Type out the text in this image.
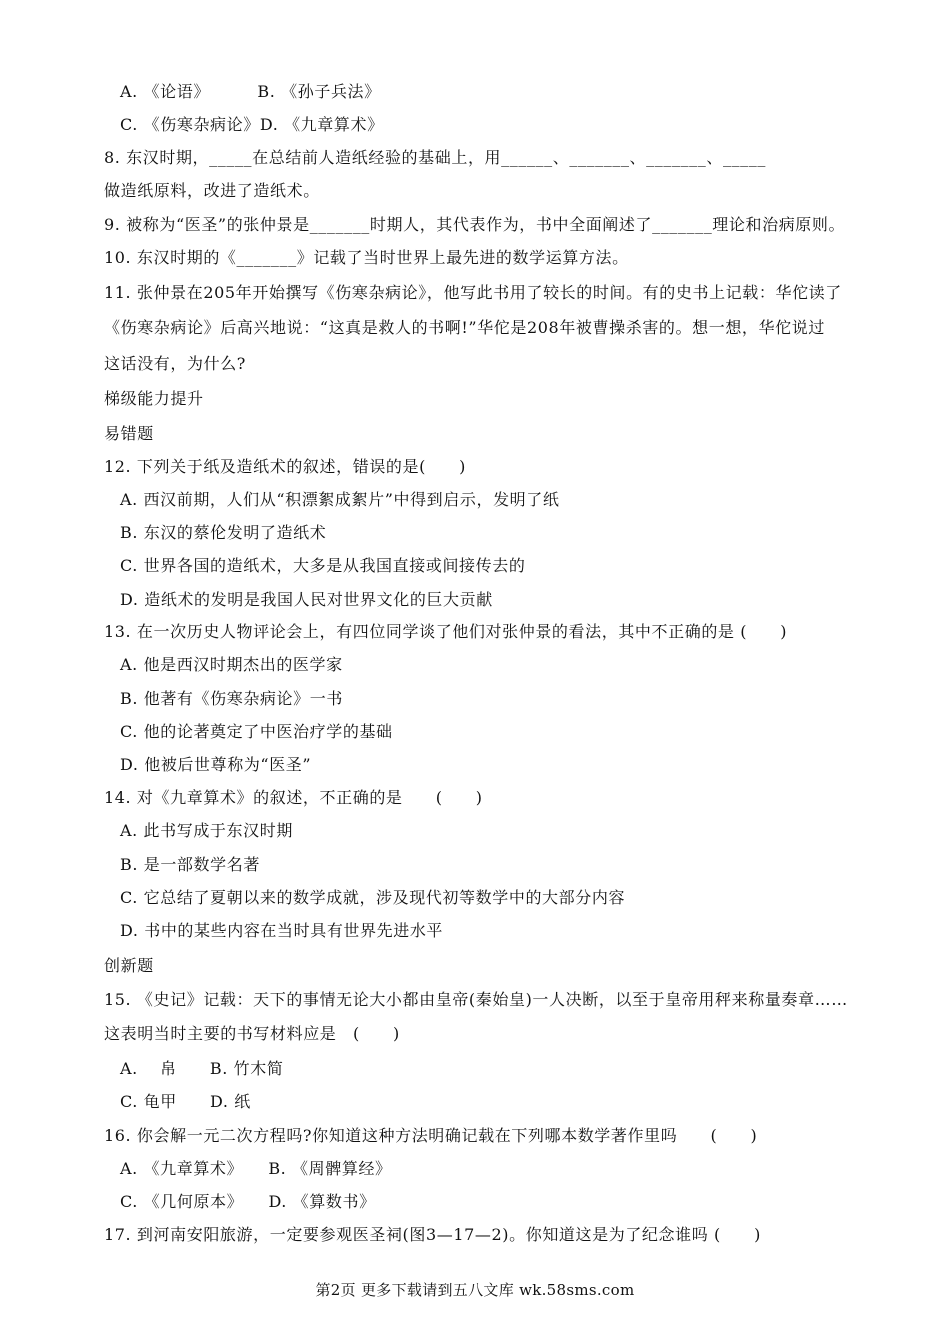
A. 《论语》　　　 B. 《孙子兵法》
C. 《伤寒杂病论》D. 《九章算术》
8. 东汉时期，_____在总结前人造纸经验的基础上，用______、_______、_______、_____
做造纸原料，改进了造纸术。
9. 被称为“医圣”的张仲景是_______时期人，其代表作为，书中全面阐述了_______理论和治病原则。
10. 东汉时期的《_______》记载了当时世界上最先进的数学运算方法。
11. 张仲景在205年开始撰写《伤寒杂病论》，他写此书用了较长的时间。有的史书上记载：华佗读了
《伤寒杂病论》后高兴地说：“这真是救人的书啊!”华佗是208年被曹操杀害的。想一想，华佗说过
这话没有，为什么?
梯级能力提升
易错题
12. 下列关于纸及造纸术的叙述，错误的是(　　)
A. 西汉前期，人们从“积漂絮成絮片”中得到启示，发明了纸
B. 东汉的蔡伦发明了造纸术
C. 世界各国的造纸术，大多是从我国直接或间接传去的
D. 造纸术的发明是我国人民对世界文化的巨大贡献
13. 在一次历史人物评论会上，有四位同学谈了他们对张仲景的看法，其中不正确的是 (　　)
A. 他是西汉时期杰出的医学家
B. 他著有《伤寒杂病论》一书
C. 他的论著奠定了中医治疗学的基础
D. 他被后世尊称为“医圣”
14. 对《九章算术》的叙述，不正确的是　　(　　)
A. 此书写成于东汉时期
B. 是一部数学名著
C. 它总结了夏朝以来的数学成就，涉及现代初等数学中的大部分内容
D. 书中的某些内容在当时具有世界先进水平
创新题
15. 《史记》记载：天下的事情无论大小都由皇帝(秦始皇)一人决断，以至于皇帝用秤来称量奏章……
这表明当时主要的书写材料应是　(　　)
A.　 帛　　B. 竹木简
C. 龟甲　　D. 纸
16. 你会解一元二次方程吗?你知道这种方法明确记载在下列哪本数学著作里吗　　(　　)
A. 《九章算术》　　B. 《周髀算经》
C. 《几何原本》　　D. 《算数书》
17. 到河南安阳旅游，一定要参观医圣祠(图3—17—2)。你知道这是为了纪念谁吗 (　　)
第2页 更多下载请到五八文库 wk.58sms.com
